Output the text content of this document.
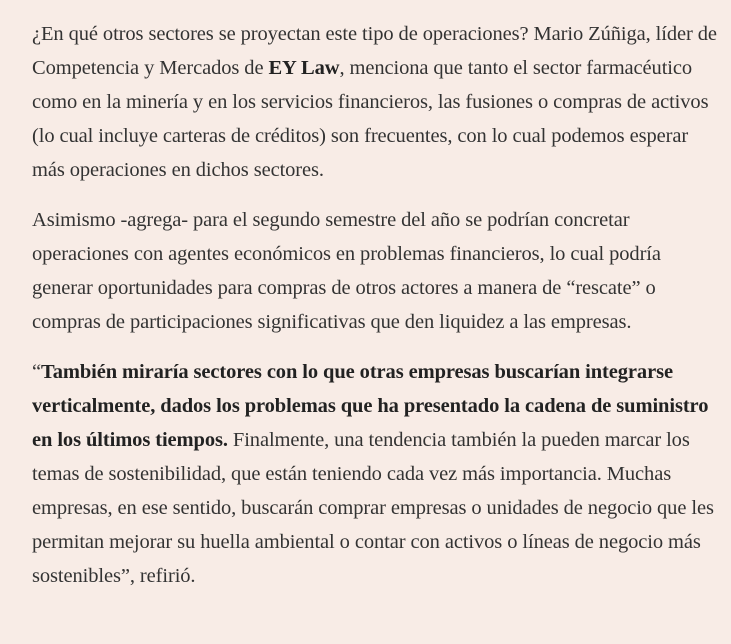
¿En qué otros sectores se proyectan este tipo de operaciones? Mario Zúñiga, líder de Competencia y Mercados de EY Law, menciona que tanto el sector farmacéutico como en la minería y en los servicios financieros, las fusiones o compras de activos (lo cual incluye carteras de créditos) son frecuentes, con lo cual podemos esperar más operaciones en dichos sectores.

Asimismo -agrega- para el segundo semestre del año se podrían concretar operaciones con agentes económicos en problemas financieros, lo cual podría generar oportunidades para compras de otros actores a manera de “rescate” o compras de participaciones significativas que den liquidez a las empresas.

“También miraría sectores con lo que otras empresas buscarían integrarse verticalmente, dados los problemas que ha presentado la cadena de suministro en los últimos tiempos. Finalmente, una tendencia también la pueden marcar los temas de sostenibilidad, que están teniendo cada vez más importancia. Muchas empresas, en ese sentido, buscarán comprar empresas o unidades de negocio que les permitan mejorar su huella ambiental o contar con activos o líneas de negocio más sostenibles”, refirió.
